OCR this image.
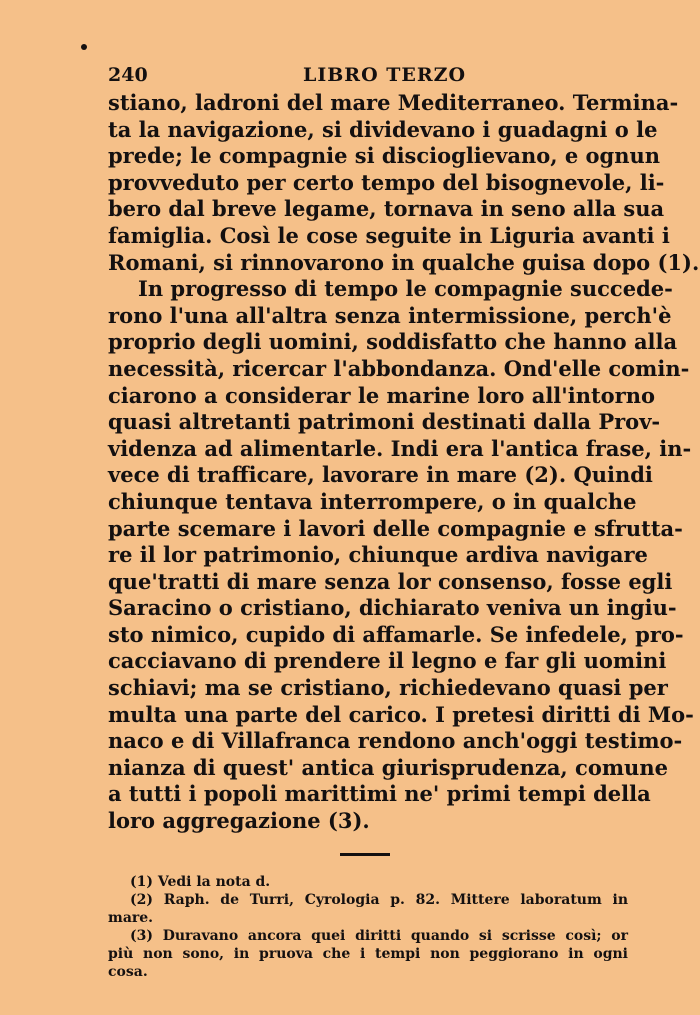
240	LIBRO TERZO
stiano, ladroni del mare Mediterraneo. Termina-
ta la navigazione, si dividevano i guadagni o le
prede; le compagnie si discioglievano, e ognun
provveduto per certo tempo del bisognevole, li-
bero dal breve legame, tornava in seno alla sua
famiglia. Così le cose seguite in Liguria avanti i
Romani, si rinnovarono in qualche guisa dopo (1).
In progresso di tempo le compagnie succede-
rono l'una all'altra senza intermissione, perch'è
proprio degli uomini, soddisfatto che hanno alla
necessità, ricercar l'abbondanza. Ond'elle comin-
ciarono a considerar le marine loro all'intorno
quasi altretanti patrimoni destinati dalla Prov-
videnza ad alimentarle. Indi era l'antica frase, in-
vece di trafficare, lavorare in mare (2). Quindi
chiunque tentava interrompere, o in qualche
parte scemare i lavori delle compagnie e sfrutta-
re il lor patrimonio, chiunque ardiva navigare
que'tratti di mare senza lor consenso, fosse egli
Saracino o cristiano, dichiarato veniva un ingiu-
sto nimico, cupido di affamarle. Se infedele, pro-
cacciavano di prendere il legno e far gli uomini
schiavi; ma se cristiano, richiedevano quasi per
multa una parte del carico. I pretesi diritti di Mo-
naco e di Villafranca rendono anch'oggi testimo-
nianza di quest' antica giurisprudenza, comune
a tutti i popoli marittimi ne' primi tempi della
loro aggregazione (3).
(1) Vedi la nota d.
(2) Raph. de Turri, Cyrologia p. 82. Mittere laboratum in
mare.
(3) Duravano ancora quei diritti quando si scrisse così; or
più non sono, in pruova che i tempi non peggiorano in ogni
cosa.
